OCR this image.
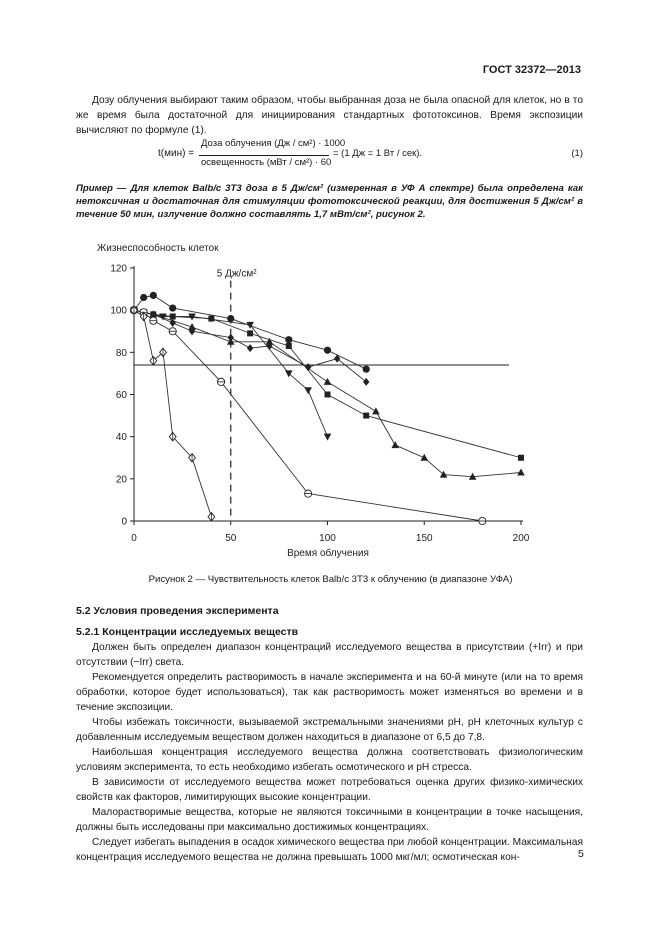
ГОСТ 32372—2013
Дозу облучения выбирают таким образом, чтобы выбранная доза не была опасной для клеток, но в то же время была достаточной для инициирования стандартных фототоксинов. Время экспозиции вычисляют по формуле (1).
t(мин) =
Доза облучения (Дж / см²) · 1000
освещенность (мВт / см²) · 60
= (1 Дж = 1 Вт / сек).	(1)
Пример — Для клеток Balb/c 3T3 доза в 5 Дж/см² (измеренная в УФ А спектре) была определена как нетоксичная и достаточная для стимуляции фототоксической реакции, для достижения 5 Дж/см² в течение 50 мин, излучение должно составлять 1,7 мВт/см², рисунок 2.
0
20
40
60
80
100
120
0	50	100	150	200
Жизнеспособность клеток
Время облучения
5 Дж/см²
Рисунок 2 — Чувствительность клеток Balb/c 3T3 к облучению (в диапазоне УФА)
5.2 Условия проведения эксперимента
5.2.1 Концентрации исследуемых веществ
Должен быть определен диапазон концентраций исследуемого вещества в присутствии (+Irr) и при отсутствии (−Irr) света.
Рекомендуется определить растворимость в начале эксперимента и на 60-й минуте (или на то время обработки, которое будет использоваться), так как растворимость может изменяться во времени и в течение экспозиции.
Чтобы избежать токсичности, вызываемой экстремальными значениями pH, pH клеточных культур с добавленным исследуемым веществом должен находиться в диапазоне от 6,5 до 7,8.
Наибольшая концентрация исследуемого вещества должна соответствовать физиологическим условиям эксперимента, то есть необходимо избегать осмотического и pH стресса.
В зависимости от исследуемого вещества может потребоваться оценка других физико-химических свойств как факторов, лимитирующих высокие концентрации.
Малорастворимые вещества, которые не являются токсичными в концентрации в точке насыщения, должны быть исследованы при максимально достижимых концентрациях.
Следует избегать выпадения в осадок химического вещества при любой концентрации. Максимальная концентрация исследуемого вещества не должна превышать 1000 мкг/мл; осмотическая кон-	5
